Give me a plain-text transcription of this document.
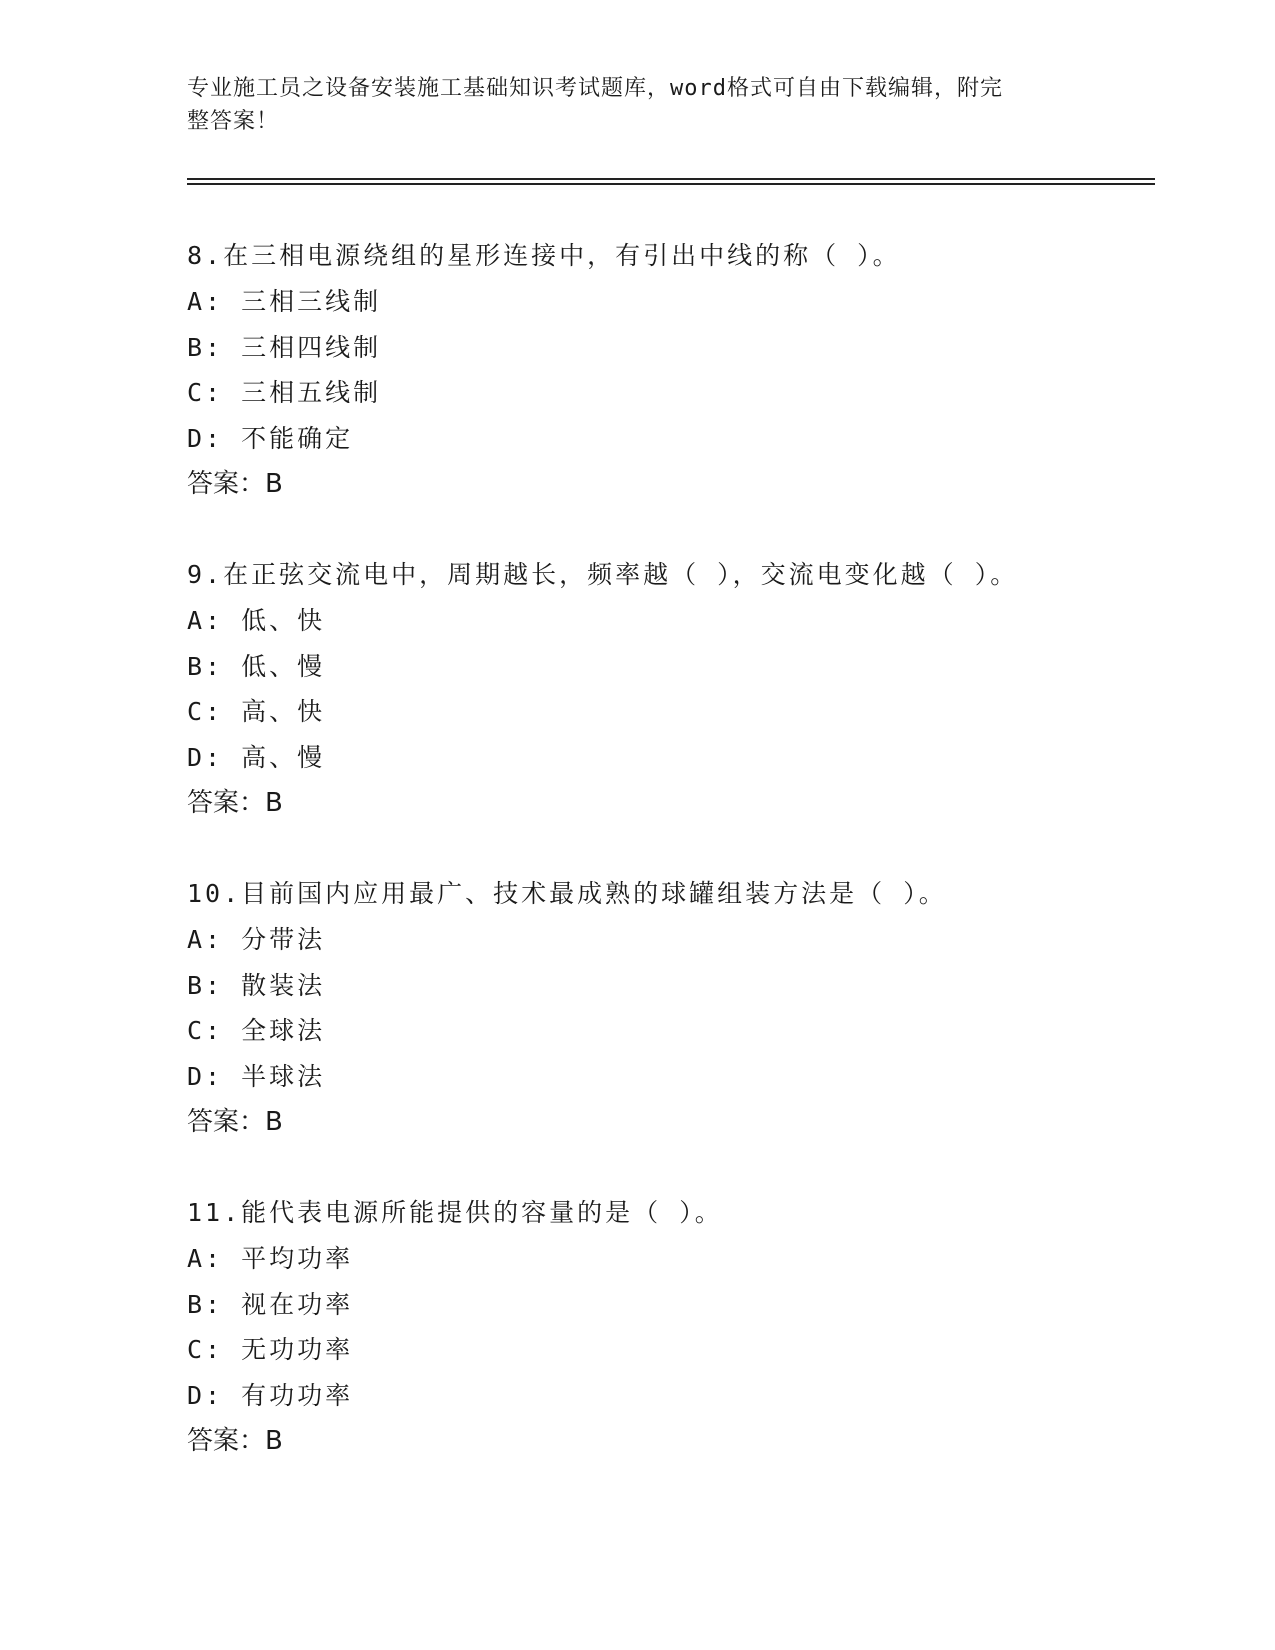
专业施工员之设备安装施工基础知识考试题库，word格式可自由下载编辑，附完
整答案！

8.在三相电源绕组的星形连接中，有引出中线的称（ ）。

A: 三相三线制

B: 三相四线制

C: 三相五线制

D: 不能确定

答案：B

9.在正弦交流电中，周期越长，频率越（ ），交流电变化越（ ）。

A: 低、快

B: 低、慢

C: 高、快

D: 高、慢

答案：B

10.目前国内应用最广、技术最成熟的球罐组装方法是（ ）。

A: 分带法

B: 散装法

C: 全球法

D: 半球法

答案：B

11.能代表电源所能提供的容量的是（ ）。

A: 平均功率

B: 视在功率

C: 无功功率

D: 有功功率

答案：B
